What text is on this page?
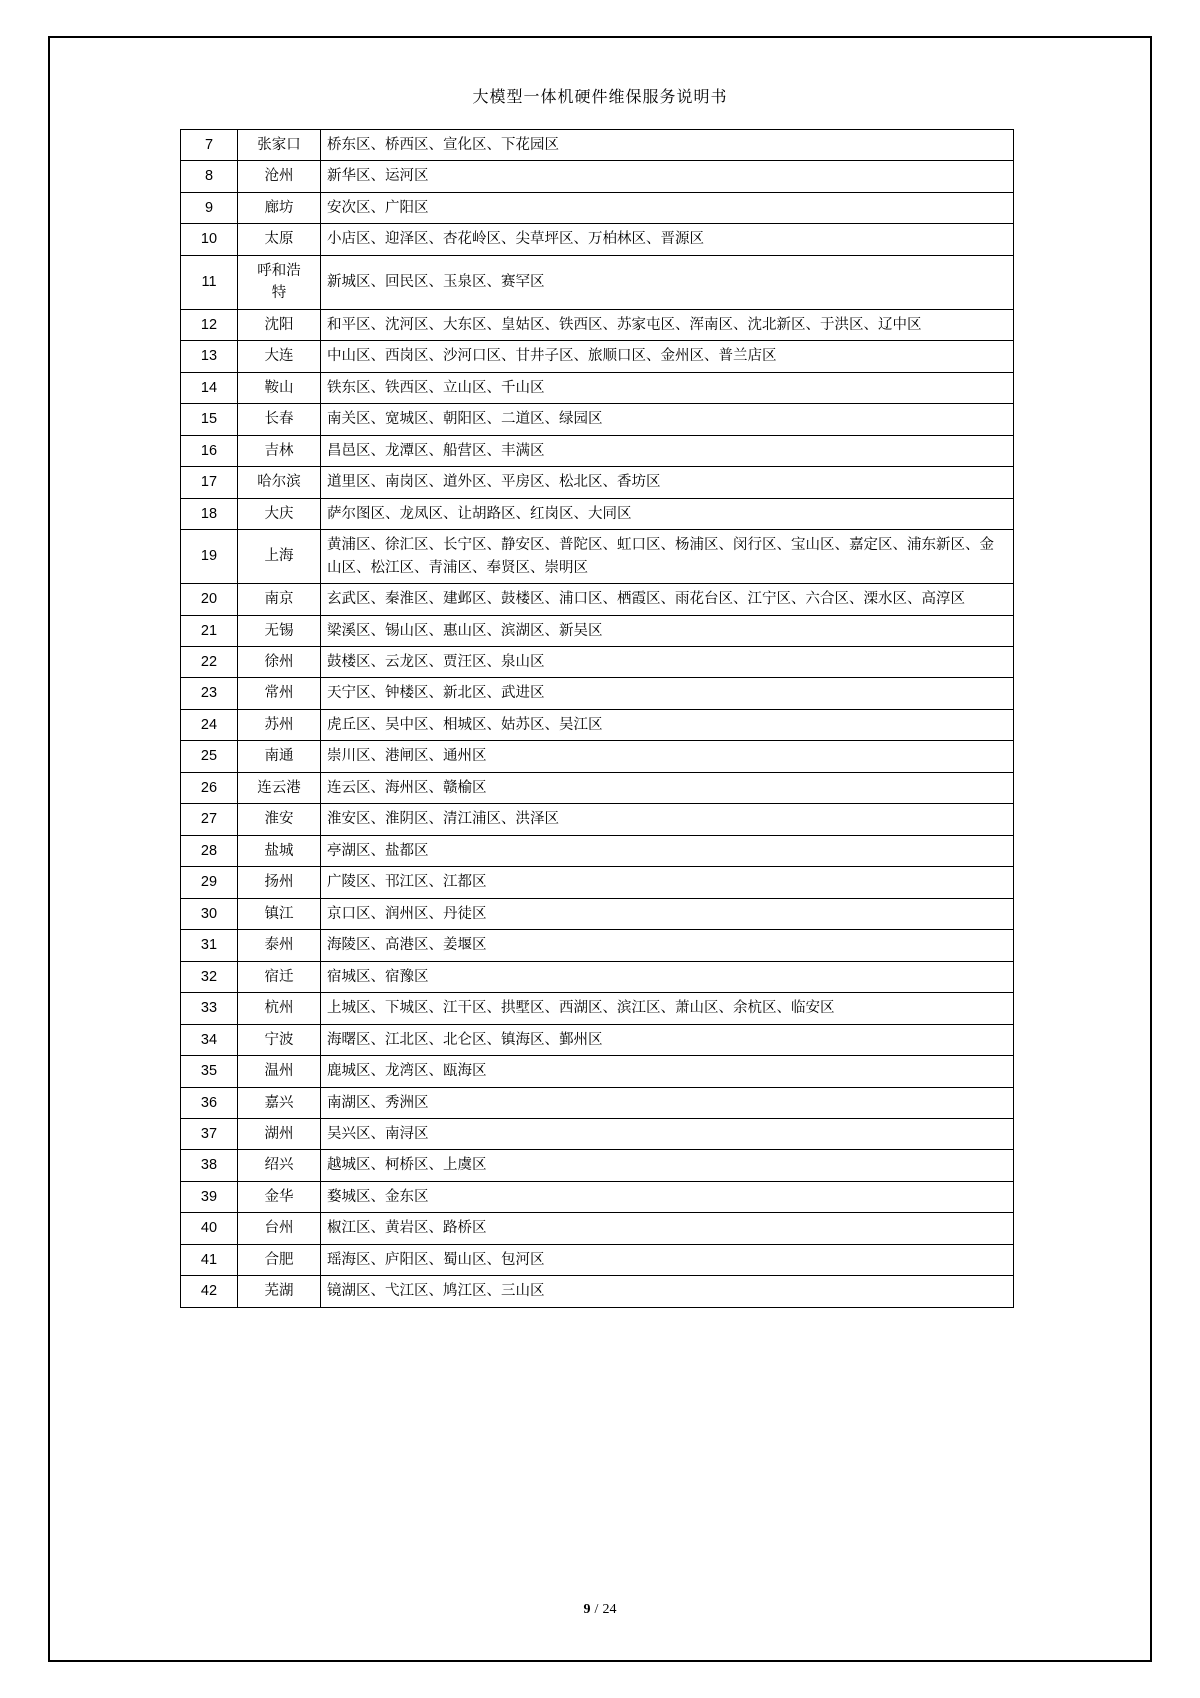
大模型一体机硬件维保服务说明书
7	张家口	桥东区、桥西区、宣化区、下花园区
8	沧州	新华区、运河区
9	廊坊	安次区、广阳区
10	太原	小店区、迎泽区、杏花岭区、尖草坪区、万柏林区、晋源区
11	呼和浩特	新城区、回民区、玉泉区、赛罕区
12	沈阳	和平区、沈河区、大东区、皇姑区、铁西区、苏家屯区、浑南区、沈北新区、于洪区、辽中区
13	大连	中山区、西岗区、沙河口区、甘井子区、旅顺口区、金州区、普兰店区
14	鞍山	铁东区、铁西区、立山区、千山区
15	长春	南关区、宽城区、朝阳区、二道区、绿园区
16	吉林	昌邑区、龙潭区、船营区、丰满区
17	哈尔滨	道里区、南岗区、道外区、平房区、松北区、香坊区
18	大庆	萨尔图区、龙凤区、让胡路区、红岗区、大同区
19	上海	黄浦区、徐汇区、长宁区、静安区、普陀区、虹口区、杨浦区、闵行区、宝山区、嘉定区、浦东新区、金山区、松江区、青浦区、奉贤区、崇明区
20	南京	玄武区、秦淮区、建邺区、鼓楼区、浦口区、栖霞区、雨花台区、江宁区、六合区、溧水区、高淳区
21	无锡	梁溪区、锡山区、惠山区、滨湖区、新吴区
22	徐州	鼓楼区、云龙区、贾汪区、泉山区
23	常州	天宁区、钟楼区、新北区、武进区
24	苏州	虎丘区、吴中区、相城区、姑苏区、吴江区
25	南通	崇川区、港闸区、通州区
26	连云港	连云区、海州区、赣榆区
27	淮安	淮安区、淮阴区、清江浦区、洪泽区
28	盐城	亭湖区、盐都区
29	扬州	广陵区、邗江区、江都区
30	镇江	京口区、润州区、丹徒区
31	泰州	海陵区、高港区、姜堰区
32	宿迁	宿城区、宿豫区
33	杭州	上城区、下城区、江干区、拱墅区、西湖区、滨江区、萧山区、余杭区、临安区
34	宁波	海曙区、江北区、北仑区、镇海区、鄞州区
35	温州	鹿城区、龙湾区、瓯海区
36	嘉兴	南湖区、秀洲区
37	湖州	吴兴区、南浔区
38	绍兴	越城区、柯桥区、上虞区
39	金华	婺城区、金东区
40	台州	椒江区、黄岩区、路桥区
41	合肥	瑶海区、庐阳区、蜀山区、包河区
42	芜湖	镜湖区、弋江区、鸠江区、三山区
9 / 24
